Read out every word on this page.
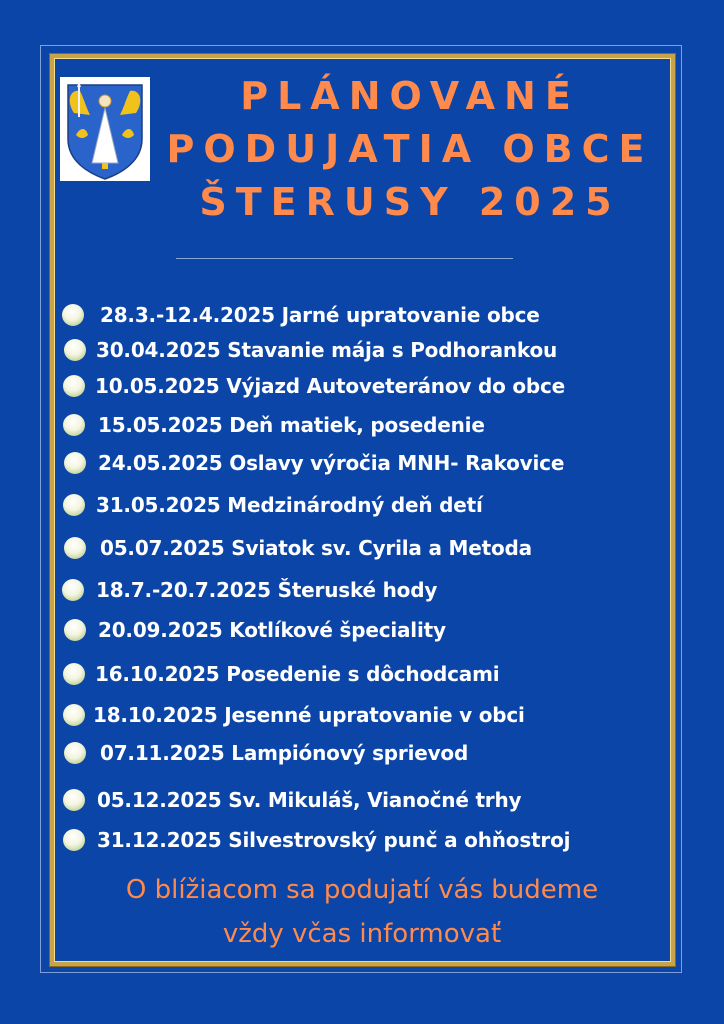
PLÁNOVANÉ
PODUJATIA OBCE
ŠTERUSY 2025
28.3.-12.4.2025 Jarné upratovanie obce
30.04.2025 Stavanie mája s Podhorankou
10.05.2025 Výjazd Autoveteránov do obce
15.05.2025 Deň matiek, posedenie
24.05.2025 Oslavy výročia MNH- Rakovice
31.05.2025 Medzinárodný deň detí
05.07.2025 Sviatok sv. Cyrila a Metoda
18.7.-20.7.2025 Šteruské hody
20.09.2025 Kotlíkové špeciality
16.10.2025 Posedenie s dôchodcami
18.10.2025 Jesenné upratovanie v obci
07.11.2025 Lampiónový sprievod
05.12.2025 Sv. Mikuláš, Vianočné trhy
31.12.2025 Silvestrovský punč a ohňostroj
O blížiacom sa podujatí vás budeme
vždy včas informovať
